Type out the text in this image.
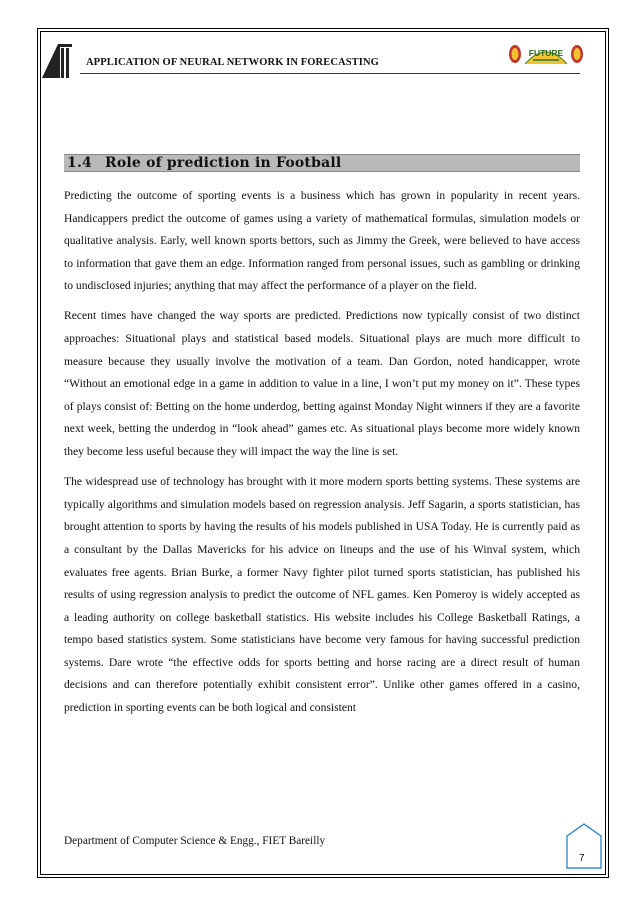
APPLICATION OF NEURAL NETWORK IN FORECASTING
FUTURE
1.4 Role of prediction in Football

Predicting the outcome of sporting events is a business which has grown in popularity in recent years. Handicappers predict the outcome of games using a variety of mathematical formulas, simulation models or qualitative analysis. Early, well known sports bettors, such as Jimmy the Greek, were believed to have access to information that gave them an edge. Information ranged from personal issues, such as gambling or drinking to undisclosed injuries; anything that may affect the performance of a player on the field.

Recent times have changed the way sports are predicted. Predictions now typically consist of two distinct approaches: Situational plays and statistical based models. Situational plays are much more difficult to measure because they usually involve the motivation of a team. Dan Gordon, noted handicapper, wrote “Without an emotional edge in a game in addition to value in a line, I won’t put my money on it”. These types of plays consist of: Betting on the home underdog, betting against Monday Night winners if they are a favorite next week, betting the underdog in “look ahead” games etc. As situational plays become more widely known they become less useful because they will impact the way the line is set.

The widespread use of technology has brought with it more modern sports betting systems. These systems are typically algorithms and simulation models based on regression analysis. Jeff Sagarin, a sports statistician, has brought attention to sports by having the results of his models published in USA Today. He is currently paid as a consultant by the Dallas Mavericks for his advice on lineups and the use of his Winval system, which evaluates free agents. Brian Burke, a former Navy fighter pilot turned sports statistician, has published his results of using regression analysis to predict the outcome of NFL games. Ken Pomeroy is widely accepted as a leading authority on college basketball statistics. His website includes his College Basketball Ratings, a tempo based statistics system. Some statisticians have become very famous for having successful prediction systems. Dare wrote “the effective odds for sports betting and horse racing are a direct result of human decisions and can therefore potentially exhibit consistent error”. Unlike other games offered in a casino, prediction in sporting events can be both logical and consistent

Department of Computer Science & Engg., FIET Bareilly
7
